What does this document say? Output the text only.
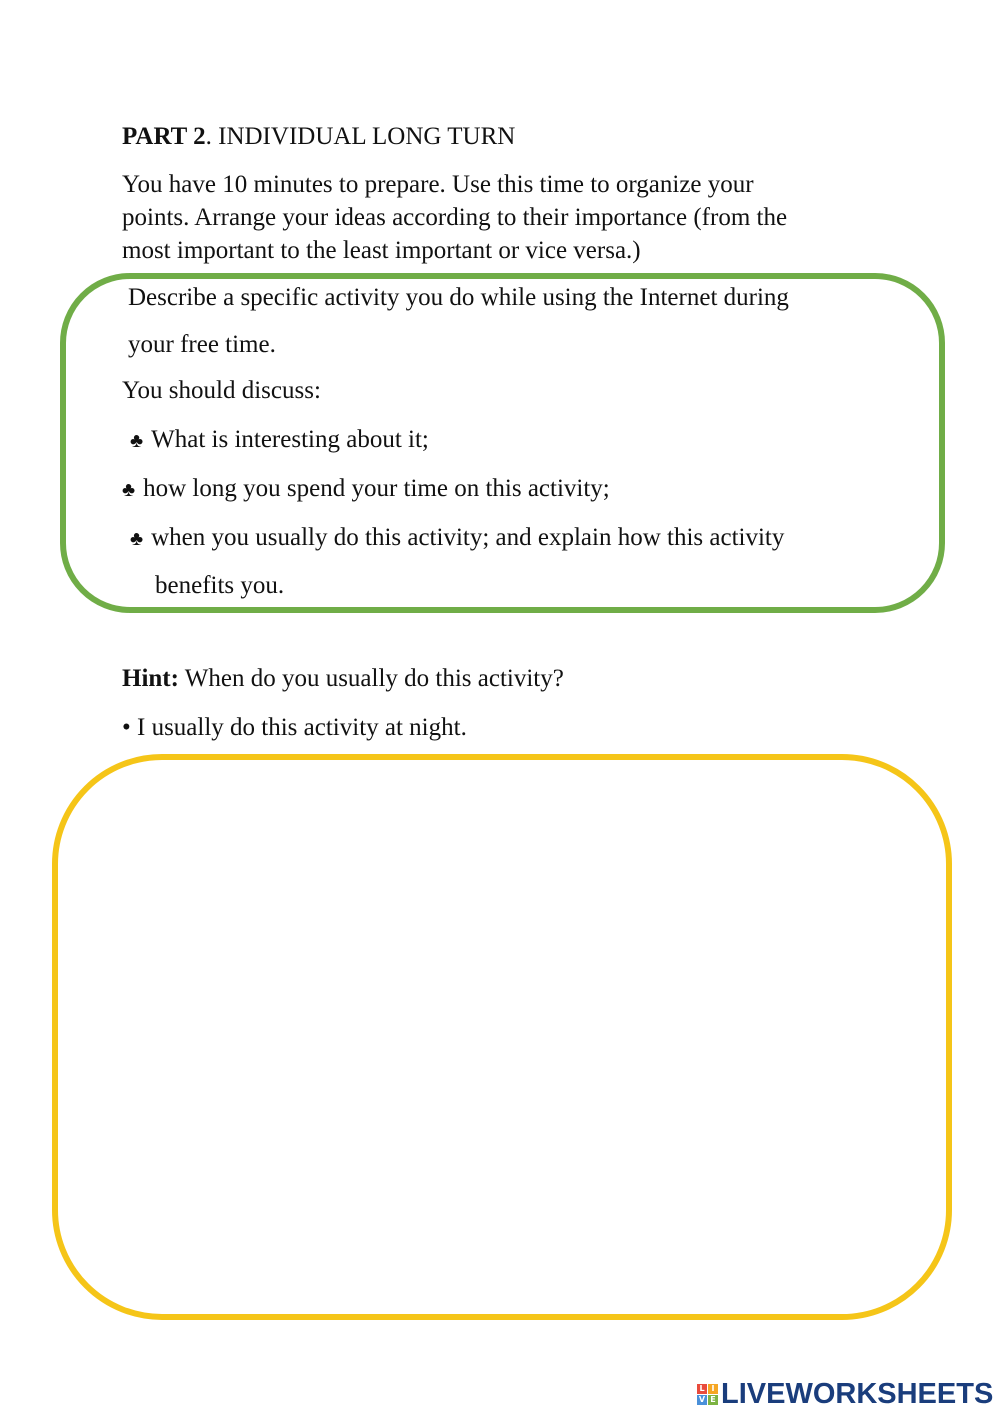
PART 2. INDIVIDUAL LONG TURN
You have 10 minutes to prepare. Use this time to organize your
points. Arrange your ideas according to their importance (from the
most important to the least important or vice versa.)
Describe a specific activity you do while using the Internet during
your free time.
You should discuss:
♣ What is interesting about it;
♣ how long you spend your time on this activity;
♣ when you usually do this activity; and explain how this activity
benefits you.
Hint: When do you usually do this activity?
• I usually do this activity at night.
L I
V E LIVEWORKSHEETS
